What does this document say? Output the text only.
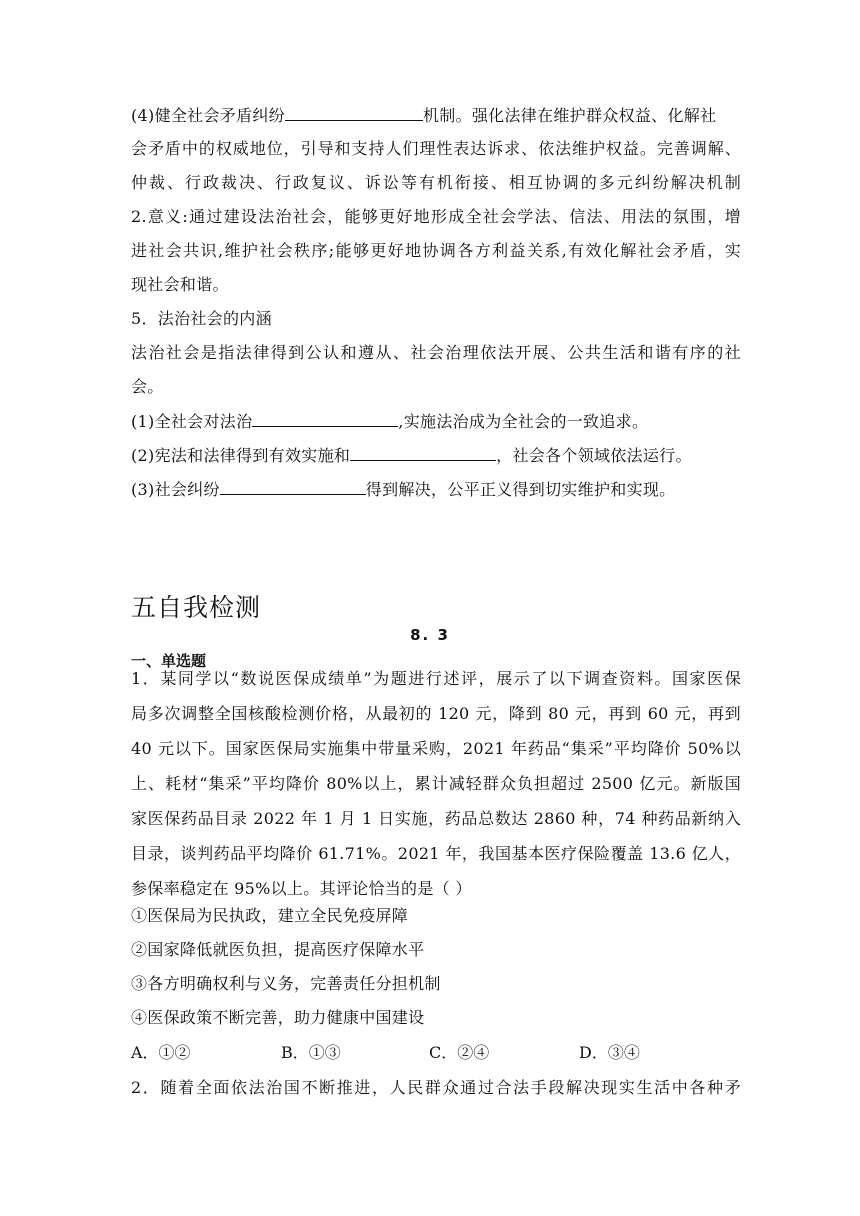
(4)健全社会矛盾纠纷	机制。强化法律在维护群众权益、化解社
会矛盾中的权威地位，引导和支持人们理性表达诉求、依法维护权益。完善调解、
仲裁、行政裁决、行政复议、诉讼等有机衔接、相互协调的多元纠纷解决机制
2.意义:通过建设法治社会，能够更好地形成全社会学法、信法、用法的氛围，增
进社会共识,维护社会秩序;能够更好地协调各方利益关系,有效化解社会矛盾，实
现社会和谐。
5．法治社会的内涵
法治社会是指法律得到公认和遵从、社会治理依法开展、公共生活和谐有序的社
会。
(1)全社会对法治	,实施法治成为全社会的一致追求。
(2)宪法和法律得到有效实施和	，社会各个领域依法运行。
(3)社会纠纷	得到解决，公平正义得到切实维护和实现。
五自我检测
8. 3
一、单选题
1．某同学以“数说医保成绩单”为题进行述评，展示了以下调查资料。国家医保
局多次调整全国核酸检测价格，从最初的 120 元，降到 80 元，再到 60 元，再到
40 元以下。国家医保局实施集中带量采购，2021 年药品“集采”平均降价 50%以
上、耗材“集采”平均降价 80%以上，累计减轻群众负担超过 2500 亿元。新版国
家医保药品目录 2022 年 1 月 1 日实施，药品总数达 2860 种，74 种药品新纳入
目录，谈判药品平均降价 61.71%。2021 年，我国基本医疗保险覆盖 13.6 亿人，
参保率稳定在 95%以上。其评论恰当的是（ ）
①医保局为民执政，建立全民免疫屏障
②国家降低就医负担，提高医疗保障水平
③各方明确权利与义务，完善责任分担机制
④医保政策不断完善，助力健康中国建设
A．①②	B．①③	C．②④	D．③④
2．随着全面依法治国不断推进，人民群众通过合法手段解决现实生活中各种矛
